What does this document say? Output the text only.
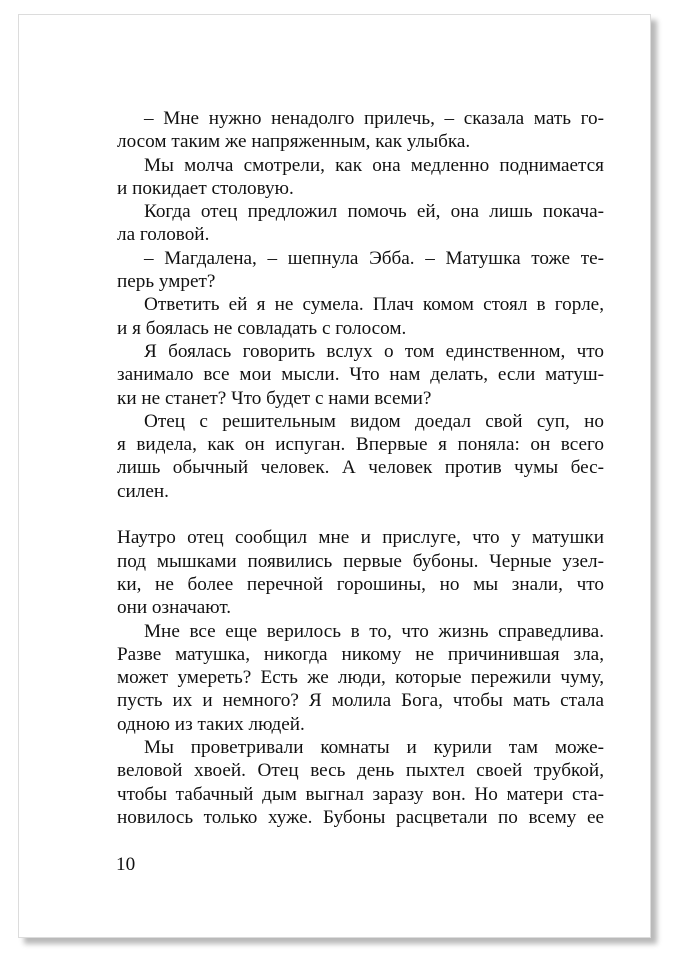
– Мне нужно ненадолго прилечь, – сказала мать го-
лосом таким же напряженным, как улыбка.
Мы молча смотрели, как она медленно поднимается
и покидает столовую.
Когда отец предложил помочь ей, она лишь покача-
ла головой.
– Магдалена, – шепнула Эбба. – Матушка тоже те-
перь умрет?
Ответить ей я не сумела. Плач комом стоял в горле,
и я боялась не совладать с голосом.
Я боялась говорить вслух о том единственном, что
занимало все мои мысли. Что нам делать, если матуш-
ки не станет? Что будет с нами всеми?
Отец с решительным видом доедал свой суп, но
я видела, как он испуган. Впервые я поняла: он всего
лишь обычный человек. А человек против чумы бес-
силен.
Наутро отец сообщил мне и прислуге, что у матушки
под мышками появились первые бубоны. Черные узел-
ки, не более перечной горошины, но мы знали, что
они означают.
Мне все еще верилось в то, что жизнь справедлива.
Разве матушка, никогда никому не причинившая зла,
может умереть? Есть же люди, которые пережили чуму,
пусть их и немного? Я молила Бога, чтобы мать стала
одною из таких людей.
Мы проветривали комнаты и курили там може-
веловой хвоей. Отец весь день пыхтел своей трубкой,
чтобы табачный дым выгнал заразу вон. Но матери ста-
новилось только хуже. Бубоны расцветали по всему ее
10
